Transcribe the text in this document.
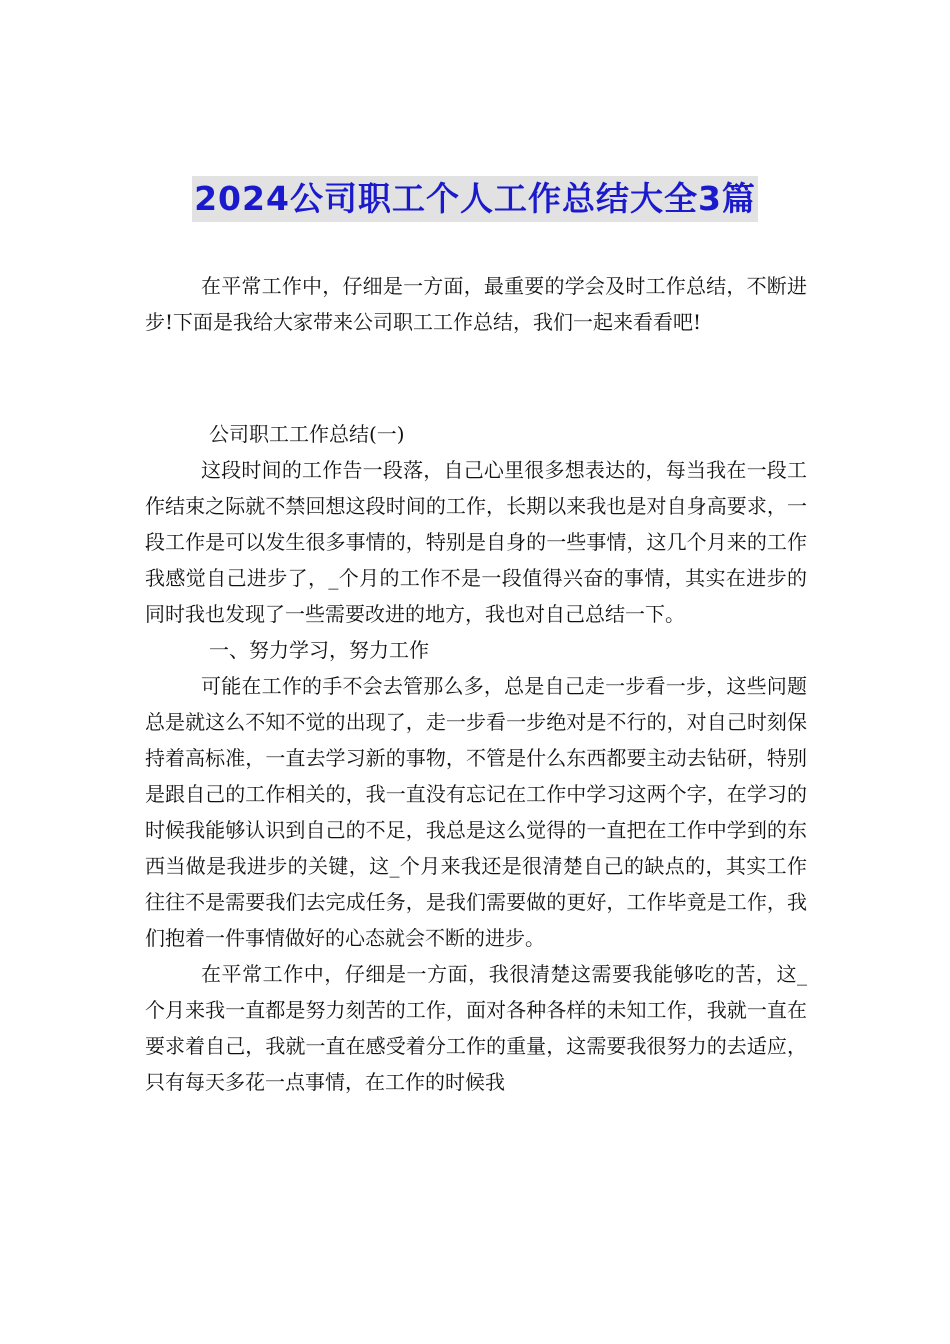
2024公司职工个人工作总结大全3篇

在平常工作中，仔细是一方面，最重要的学会及时工作总结，不断进步!下面是我给大家带来公司职工工作总结，我们一起来看看吧!

公司职工工作总结(一)

这段时间的工作告一段落，自己心里很多想表达的，每当我在一段工作结束之际就不禁回想这段时间的工作，长期以来我也是对自身高要求，一段工作是可以发生很多事情的，特别是自身的一些事情，这几个月来的工作我感觉自己进步了，_个月的工作不是一段值得兴奋的事情，其实在进步的同时我也发现了一些需要改进的地方，我也对自己总结一下。

一、努力学习，努力工作

可能在工作的手不会去管那么多，总是自己走一步看一步，这些问题总是就这么不知不觉的出现了，走一步看一步绝对是不行的，对自己时刻保持着高标准，一直去学习新的事物，不管是什么东西都要主动去钻研，特别是跟自己的工作相关的，我一直没有忘记在工作中学习这两个字，在学习的时候我能够认识到自己的不足，我总是这么觉得的一直把在工作中学到的东西当做是我进步的关键，这_个月来我还是很清楚自己的缺点的，其实工作往往不是需要我们去完成任务，是我们需要做的更好，工作毕竟是工作，我们抱着一件事情做好的心态就会不断的进步。

在平常工作中，仔细是一方面，我很清楚这需要我能够吃的苦，这_个月来我一直都是努力刻苦的工作，面对各种各样的未知工作，我就一直在要求着自己，我就一直在感受着分工作的重量，这需要我很努力的去适应，只有每天多花一点事情，在工作的时候我
